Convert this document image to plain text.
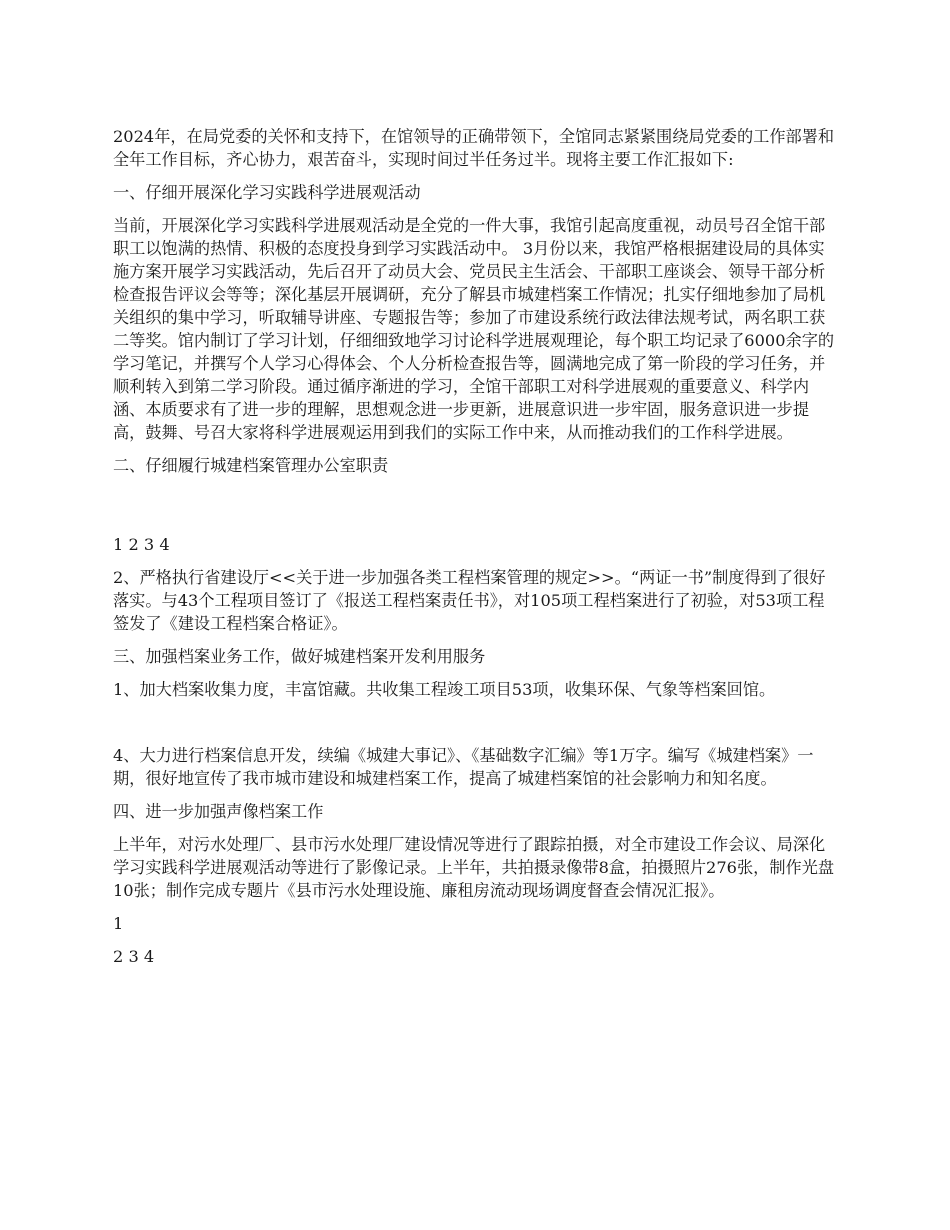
2024年，在局党委的关怀和支持下，在馆领导的正确带领下，全馆同志紧紧围绕局党委的工作部署和全年工作目标，齐心协力，艰苦奋斗，实现时间过半任务过半。现将主要工作汇报如下:

一、仔细开展深化学习实践科学进展观活动

当前，开展深化学习实践科学进展观活动是全党的一件大事，我馆引起高度重视，动员号召全馆干部职工以饱满的热情、积极的态度投身到学习实践活动中。 3月份以来，我馆严格根据建设局的具体实施方案开展学习实践活动，先后召开了动员大会、党员民主生活会、干部职工座谈会、领导干部分析检查报告评议会等等；深化基层开展调研，充分了解县市城建档案工作情况；扎实仔细地参加了局机关组织的集中学习，听取辅导讲座、专题报告等；参加了市建设系统行政法律法规考试，两名职工获二等奖。馆内制订了学习计划，仔细细致地学习讨论科学进展观理论，每个职工均记录了6000余字的学习笔记，并撰写个人学习心得体会、个人分析检查报告等，圆满地完成了第一阶段的学习任务，并顺利转入到第二学习阶段。通过循序渐进的学习，全馆干部职工对科学进展观的重要意义、科学内涵、本质要求有了进一步的理解，思想观念进一步更新，进展意识进一步牢固，服务意识进一步提高，鼓舞、号召大家将科学进展观运用到我们的实际工作中来，从而推动我们的工作科学进展。

二、仔细履行城建档案管理办公室职责

1 2 3 4

2、严格执行省建设厅<<关于进一步加强各类工程档案管理的规定>>。“两证一书”制度得到了很好落实。与43个工程项目签订了《报送工程档案责任书》，对105项工程档案进行了初验，对53项工程签发了《建设工程档案合格证》。

三、加强档案业务工作，做好城建档案开发利用服务

1、加大档案收集力度，丰富馆藏。共收集工程竣工项目53项，收集环保、气象等档案回馆。

4、大力进行档案信息开发，续编《城建大事记》、《基础数字汇编》等1万字。编写《城建档案》一期，很好地宣传了我市城市建设和城建档案工作，提高了城建档案馆的社会影响力和知名度。

四、进一步加强声像档案工作

上半年，对污水处理厂、县市污水处理厂建设情况等进行了跟踪拍摄，对全市建设工作会议、局深化学习实践科学进展观活动等进行了影像记录。上半年，共拍摄录像带8盒，拍摄照片276张，制作光盘10张；制作完成专题片《县市污水处理设施、廉租房流动现场调度督查会情况汇报》。

1

2 3 4
